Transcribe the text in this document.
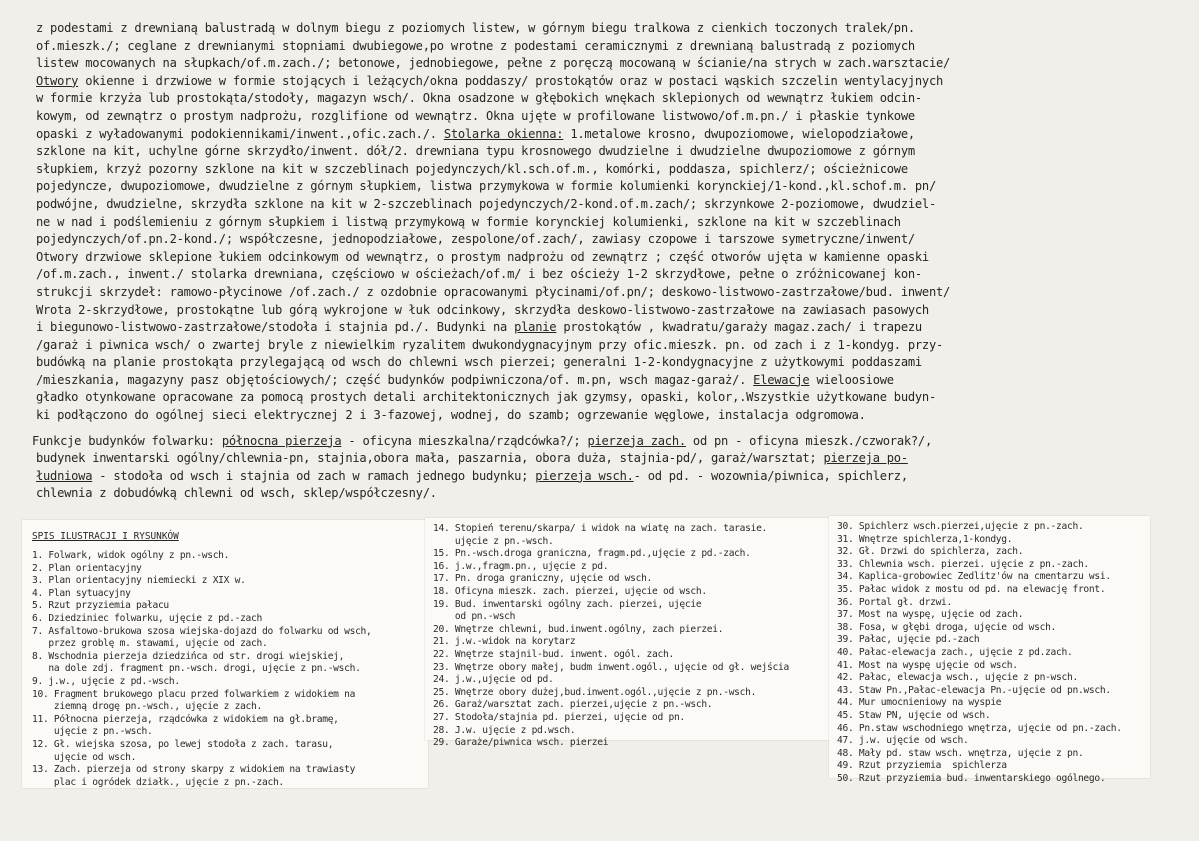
z podestami z drewnianą balustradą w dolnym biegu z poziomych listew, w górnym biegu tralkowa z cienkich toczonych tralek/pn.

of.mieszk./; ceglane z drewnianymi stopniami dwubiegowe,po wrotne z podestami ceramicznymi z drewnianą balustradą z poziomych

listew mocowanych na słupkach/of.m.zach./; betonowe, jednobiegowe, pełne z poręczą mocowaną w ścianie/na strych w zach.warsztacie/

Otwory okienne i drzwiowe w formie stojących i leżących/okna poddaszy/ prostokątów oraz w postaci wąskich szczelin wentylacyjnych

w formie krzyża lub prostokąta/stodoły, magazyn wsch/. Okna osadzone w głębokich wnękach sklepionych od wewnątrz łukiem odcin-

kowym, od zewnątrz o prostym nadprożu, rozglifione od wewnątrz. Okna ujęte w profilowane listwowo/of.m.pn./ i płaskie tynkowe

opaski z wyładowanymi podokiennikami/inwent.,ofic.zach./. Stolarka okienna: 1.metalowe krosno, dwupoziomowe, wielopodziałowe,

szklone na kit, uchylne górne skrzydło/inwent. dół/2. drewniana typu krosnowego dwudzielne i dwudzielne dwupoziomowe z górnym

słupkiem, krzyż pozorny szklone na kit w szczeblinach pojedynczych/kl.sch.of.m., komórki, poddasza, spichlerz/; ościeżnicowe

pojedyncze, dwupoziomowe, dwudzielne z górnym słupkiem, listwa przymykowa w formie kolumienki korynckiej/1-kond.,kl.schof.m. pn/

podwójne, dwudzielne, skrzydła szklone na kit w 2-szczeblinach pojedynczych/2-kond.of.m.zach/; skrzynkowe 2-poziomowe, dwudziel-

ne w nad i podślemieniu z górnym słupkiem i listwą przymykową w formie korynckiej kolumienki, szklone na kit w szczeblinach

pojedynczych/of.pn.2-kond./; współczesne, jednopodziałowe, zespolone/of.zach/, zawiasy czopowe i tarszowe symetryczne/inwent/

Otwory drzwiowe sklepione łukiem odcinkowym od wewnątrz, o prostym nadprożu od zewnątrz ; część otworów ujęta w kamienne opaski

/of.m.zach., inwent./ stolarka drewniana, częściowo w ościeżach/of.m/ i bez ościeży 1-2 skrzydłowe, pełne o zróżnicowanej kon-

strukcji skrzydeł: ramowo-płycinowe /of.zach./ z ozdobnie opracowanymi płycinami/of.pn/; deskowo-listwowo-zastrzałowe/bud. inwent/

Wrota 2-skrzydłowe, prostokątne lub górą wykrojone w łuk odcinkowy, skrzydła deskowo-listwowo-zastrzałowe na zawiasach pasowych

i biegunowo-listwowo-zastrzałowe/stodoła i stajnia pd./. Budynki na planie prostokątów , kwadratu/garaży magaz.zach/ i trapezu

/garaż i piwnica wsch/ o zwartej bryle z niewielkim ryzalitem dwukondygnacyjnym przy ofic.mieszk. pn. od zach i z 1-kondyg. przy-

budówką na planie prostokąta przylegającą od wsch do chlewni wsch pierzei; generalni 1-2-kondygnacyjne z użytkowymi poddaszami

/mieszkania, magazyny pasz objętościowych/; część budynków podpiwniczona/of. m.pn, wsch magaz-garaż/. Elewacje wieloosiowe

gładko otynkowane opracowane za pomocą prostych detali architektonicznych jak gzymsy, opaski, kolor,.Wszystkie użytkowane budyn-

ki podłączono do ogólnej sieci elektrycznej 2 i 3-fazowej, wodnej, do szamb; ogrzewanie węglowe, instalacja odgromowa.

Funkcje budynków folwarku: północna pierzeja - oficyna mieszkalna/rządcówka?/; pierzeja zach. od pn - oficyna mieszk./czworak?/,

budynek inwentarski ogólny/chlewnia-pn, stajnia,obora mała, paszarnia, obora duża, stajnia-pd/, garaż/warsztat; pierzeja po-

łudniowa - stodoła od wsch i stajnia od zach w ramach jednego budynku; pierzeja wsch.- od pd. - wozownia/piwnica, spichlerz,

chlewnia z dobudówką chlewni od wsch, sklep/współczesny/.

SPIS ILUSTRACJI I RYSUNKÓW
1. Folwark, widok ogólny z pn.-wsch.
2. Plan orientacyjny
3. Plan orientacyjny niemiecki z XIX w.
4. Plan sytuacyjny
5. Rzut przyziemia pałacu
6. Dziedziniec folwarku, ujęcie z pd.-zach
7. Asfaltowo-brukowa szosa wiejska-dojazd do folwarku od wsch,
przez groblę m. stawami, ujęcie od zach.
8. Wschodnia pierzeja dziedzińca od str. drogi wiejskiej,
na dole zdj. fragment pn.-wsch. drogi, ujęcie z pn.-wsch.
9. j.w., ujęcie z pd.-wsch.
10. Fragment brukowego placu przed folwarkiem z widokiem na
ziemną drogę pn.-wsch., ujęcie z zach.
11. Północna pierzeja, rządcówka z widokiem na gł.bramę,
ujęcie z pn.-wsch.
12. Gł. wiejska szosa, po lewej stodoła z zach. tarasu,
ujęcie od wsch.
13. Zach. pierzeja od strony skarpy z widokiem na trawiasty
plac i ogródek działk., ujęcie z pn.-zach.
14. Stopień terenu/skarpa/ i widok na wiatę na zach. tarasie.
ujęcie z pn.-wsch.
15. Pn.-wsch.droga graniczna, fragm.pd.,ujęcie z pd.-zach.
16. j.w.,fragm.pn., ujęcie z pd.
17. Pn. droga graniczny, ujęcie od wsch.
18. Oficyna mieszk. zach. pierzei, ujęcie od wsch.
19. Bud. inwentarski ogólny zach. pierzei, ujęcie
od pn.-wsch
20. Wnętrze chlewni, bud.inwent.ogólny, zach pierzei.
21. j.w.-widok na korytarz
22. Wnętrze stajnil-bud. inwent. ogól. zach.
23. Wnętrze obory małej, budm inwent.ogól., ujęcie od gł. wejścia
24. j.w.,ujęcie od pd.
25. Wnętrze obory dużej,bud.inwent.ogól.,ujęcie z pn.-wsch.
26. Garaż/warsztat zach. pierzei,ujęcie z pn.-wsch.
27. Stodoła/stajnia pd. pierzei, ujęcie od pn.
28. J.w. ujęcie z pd.wsch.
29. Garaże/piwnica wsch. pierzei
30. Spichlerz wsch.pierzei,ujęcie z pn.-zach.
31. Wnętrze spichlerza,1-kondyg.
32. Gł. Drzwi do spichlerza, zach.
33. Chlewnia wsch. pierzei. ujęcie z pn.-zach.
34. Kaplica-grobowiec Zedlitz'ów na cmentarzu wsi.
35. Pałac widok z mostu od pd. na elewację front.
36. Portal gł. drzwi.
37. Most na wyspę, ujęcie od zach.
38. Fosa, w głębi droga, ujęcie od wsch.
39. Pałac, ujęcie pd.-zach
40. Pałac-elewacja zach., ujęcie z pd.zach.
41. Most na wyspę ujęcie od wsch.
42. Pałac, elewacja wsch., ujęcie z pn-wsch.
43. Staw Pn.,Pałac-elewacja Pn.-ujęcie od pn.wsch.
44. Mur umocnieniowy na wyspie
45. Staw PN, ujęcie od wsch.
46. Pn.staw wschodniego wnętrza, ujęcie od pn.-zach.
47. j.w. ujęcie od wsch.
48. Mały pd. staw wsch. wnętrza, ujęcie z pn.
49. Rzut przyziemia  spichlerza
50. Rzut przyziemia bud. inwentarskiego ogólnego.
